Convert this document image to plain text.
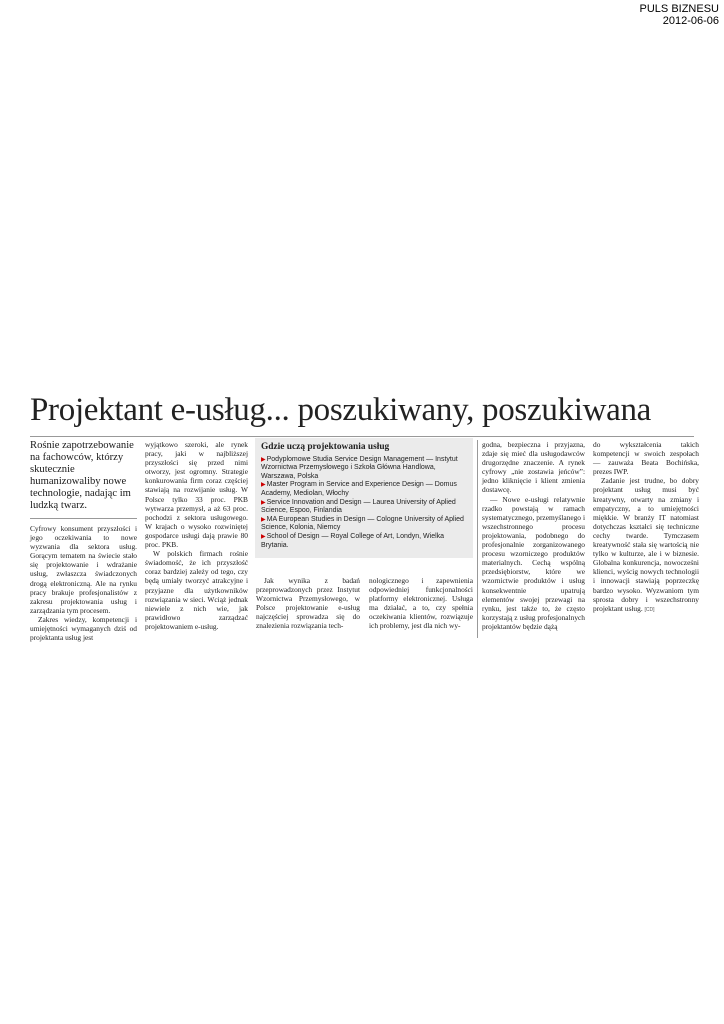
PULS BIZNESU
2012-06-06
Projektant e-usług... poszukiwany, poszukiwana
Rośnie zapotrzebowanie na fachowców, którzy skutecznie humanizowaliby nowe technologie, nadając im ludzką twarz.

Cyfrowy konsument przyszłości i jego oczekiwania to nowe wyzwania dla sektora usług. Gorącym tematem na świecie stało się projektowanie i wdrażanie usług, zwłaszcza świadczonych drogą elektroniczną. Ale na rynku pracy brakuje profesjonalistów z zakresu projektowania usług i zarządzania tym procesem.

Zakres wiedzy, kompetencji i umiejętności wymaganych dziś od projektanta usług jest

wyjątkowo szeroki, ale rynek pracy, jaki w najbliższej przyszłości się przed nimi otworzy, jest ogromny. Strategie konkurowania firm coraz częściej stawiają na rozwijanie usług. W Polsce tylko 33 proc. PKB wytwarza przemysł, a aż 63 proc. pochodzi z sektora usługowego. W krajach o wysoko rozwiniętej gospodarce usługi dają prawie 80 proc. PKB.

W polskich firmach rośnie świadomość, że ich przyszłość coraz bardziej zależy od tego, czy będą umiały tworzyć atrakcyjne i przyjazne dla użytkowników rozwiązania w sieci. Wciąż jednak niewiele z nich wie, jak prawidłowo zarządzać projektowaniem e-usług.

Gdzie uczą projektowania usług
▶Podyplomowe Studia Service Design Management — Instytut Wzornictwa Przemysłowego i Szkoła Główna Handlowa, Warszawa, Polska
▶Master Program in Service and Experience Design — Domus Academy, Mediolan, Włochy
▶Service Innovation and Design — Laurea University of Aplied Science, Espoo, Finlandia
▶MA European Studies in Design — Cologne University of Aplied Science, Kolonia, Niemcy
▶School of Design — Royal College of Art, Londyn, Wielka Brytania.

Jak wynika z badań przeprowadzonych przez Instytut Wzornictwa Przemysłowego, w Polsce projektowanie e-usług najczęściej sprowadza się do znalezienia rozwiązania tech-

nologicznego i zapewnienia odpowiedniej funkcjonalności platformy elektronicznej. Usługa ma działać, a to, czy spełnia oczekiwania klientów, rozwiązuje ich problemy, jest dla nich wy-

godna, bezpieczna i przyjazna, zdaje się mieć dla usługodawców drugorzędne znaczenie. A rynek cyfrowy „nie zostawia jeńców”: jedno kliknięcie i klient zmienia dostawcę.

— Nowe e-usługi relatywnie rzadko powstają w ramach systematycznego, przemyślanego i wszechstronnego procesu projektowania, podobnego do profesjonalnie zorganizowanego procesu wzorniczego produktów materialnych. Cechą wspólną przedsiębiorstw, które we wzornictwie produktów i usług konsekwentnie upatrują elementów swojej przewagi na rynku, jest także to, że często korzystają z usług profesjonalnych projektantów będzie dążą

do wykształcenia takich kompetencji w swoich zespołach — zauważa Beata Bochińska, prezes IWP.

Zadanie jest trudne, bo dobry projektant usług musi być kreatywny, otwarty na zmiany i empatyczny, a to umiejętności miękkie. W branży IT natomiast dotychczas kształci się techniczne cechy twarde. Tymczasem kreatywność stała się wartością nie tylko w kulturze, ale i w biznesie. Globalna konkurencja, nowocześni klienci, wyścig nowych technologii i innowacji stawiają poprzeczkę bardzo wysoko. Wyzwaniom tym sprosta dobry i wszechstronny projektant usług. [CD]
